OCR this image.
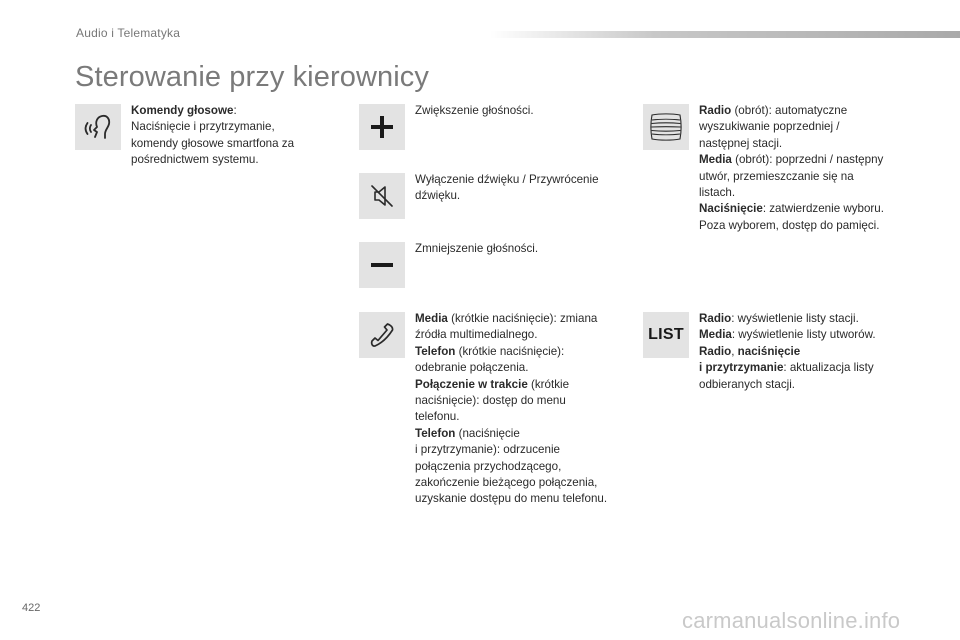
Audio i Telematyka
Sterowanie przy kierownicy
Komendy głosowe:
Naciśnięcie i przytrzymanie,
komendy głosowe smartfona za
pośrednictwem systemu.
Zwiększenie głośności.
Wyłączenie dźwięku / Przywrócenie
dźwięku.
Zmniejszenie głośności.
Media (krótkie naciśnięcie): zmiana
źródła multimedialnego.
Telefon (krótkie naciśnięcie):
odebranie połączenia.
Połączenie w trakcie (krótkie
naciśnięcie): dostęp do menu
telefonu.
Telefon (naciśnięcie
i przytrzymanie): odrzucenie
połączenia przychodzącego,
zakończenie bieżącego połączenia,
uzyskanie dostępu do menu telefonu.
Radio (obrót): automatyczne
wyszukiwanie poprzedniej /
następnej stacji.
Media (obrót): poprzedni / następny
utwór, przemieszczanie się na
listach.
Naciśnięcie: zatwierdzenie wyboru.
Poza wyborem, dostęp do pamięci.
LIST
Radio: wyświetlenie listy stacji.
Media: wyświetlenie listy utworów.
Radio, naciśnięcie
i przytrzymanie: aktualizacja listy
odbieranych stacji.
422	carmanualsonline.info
